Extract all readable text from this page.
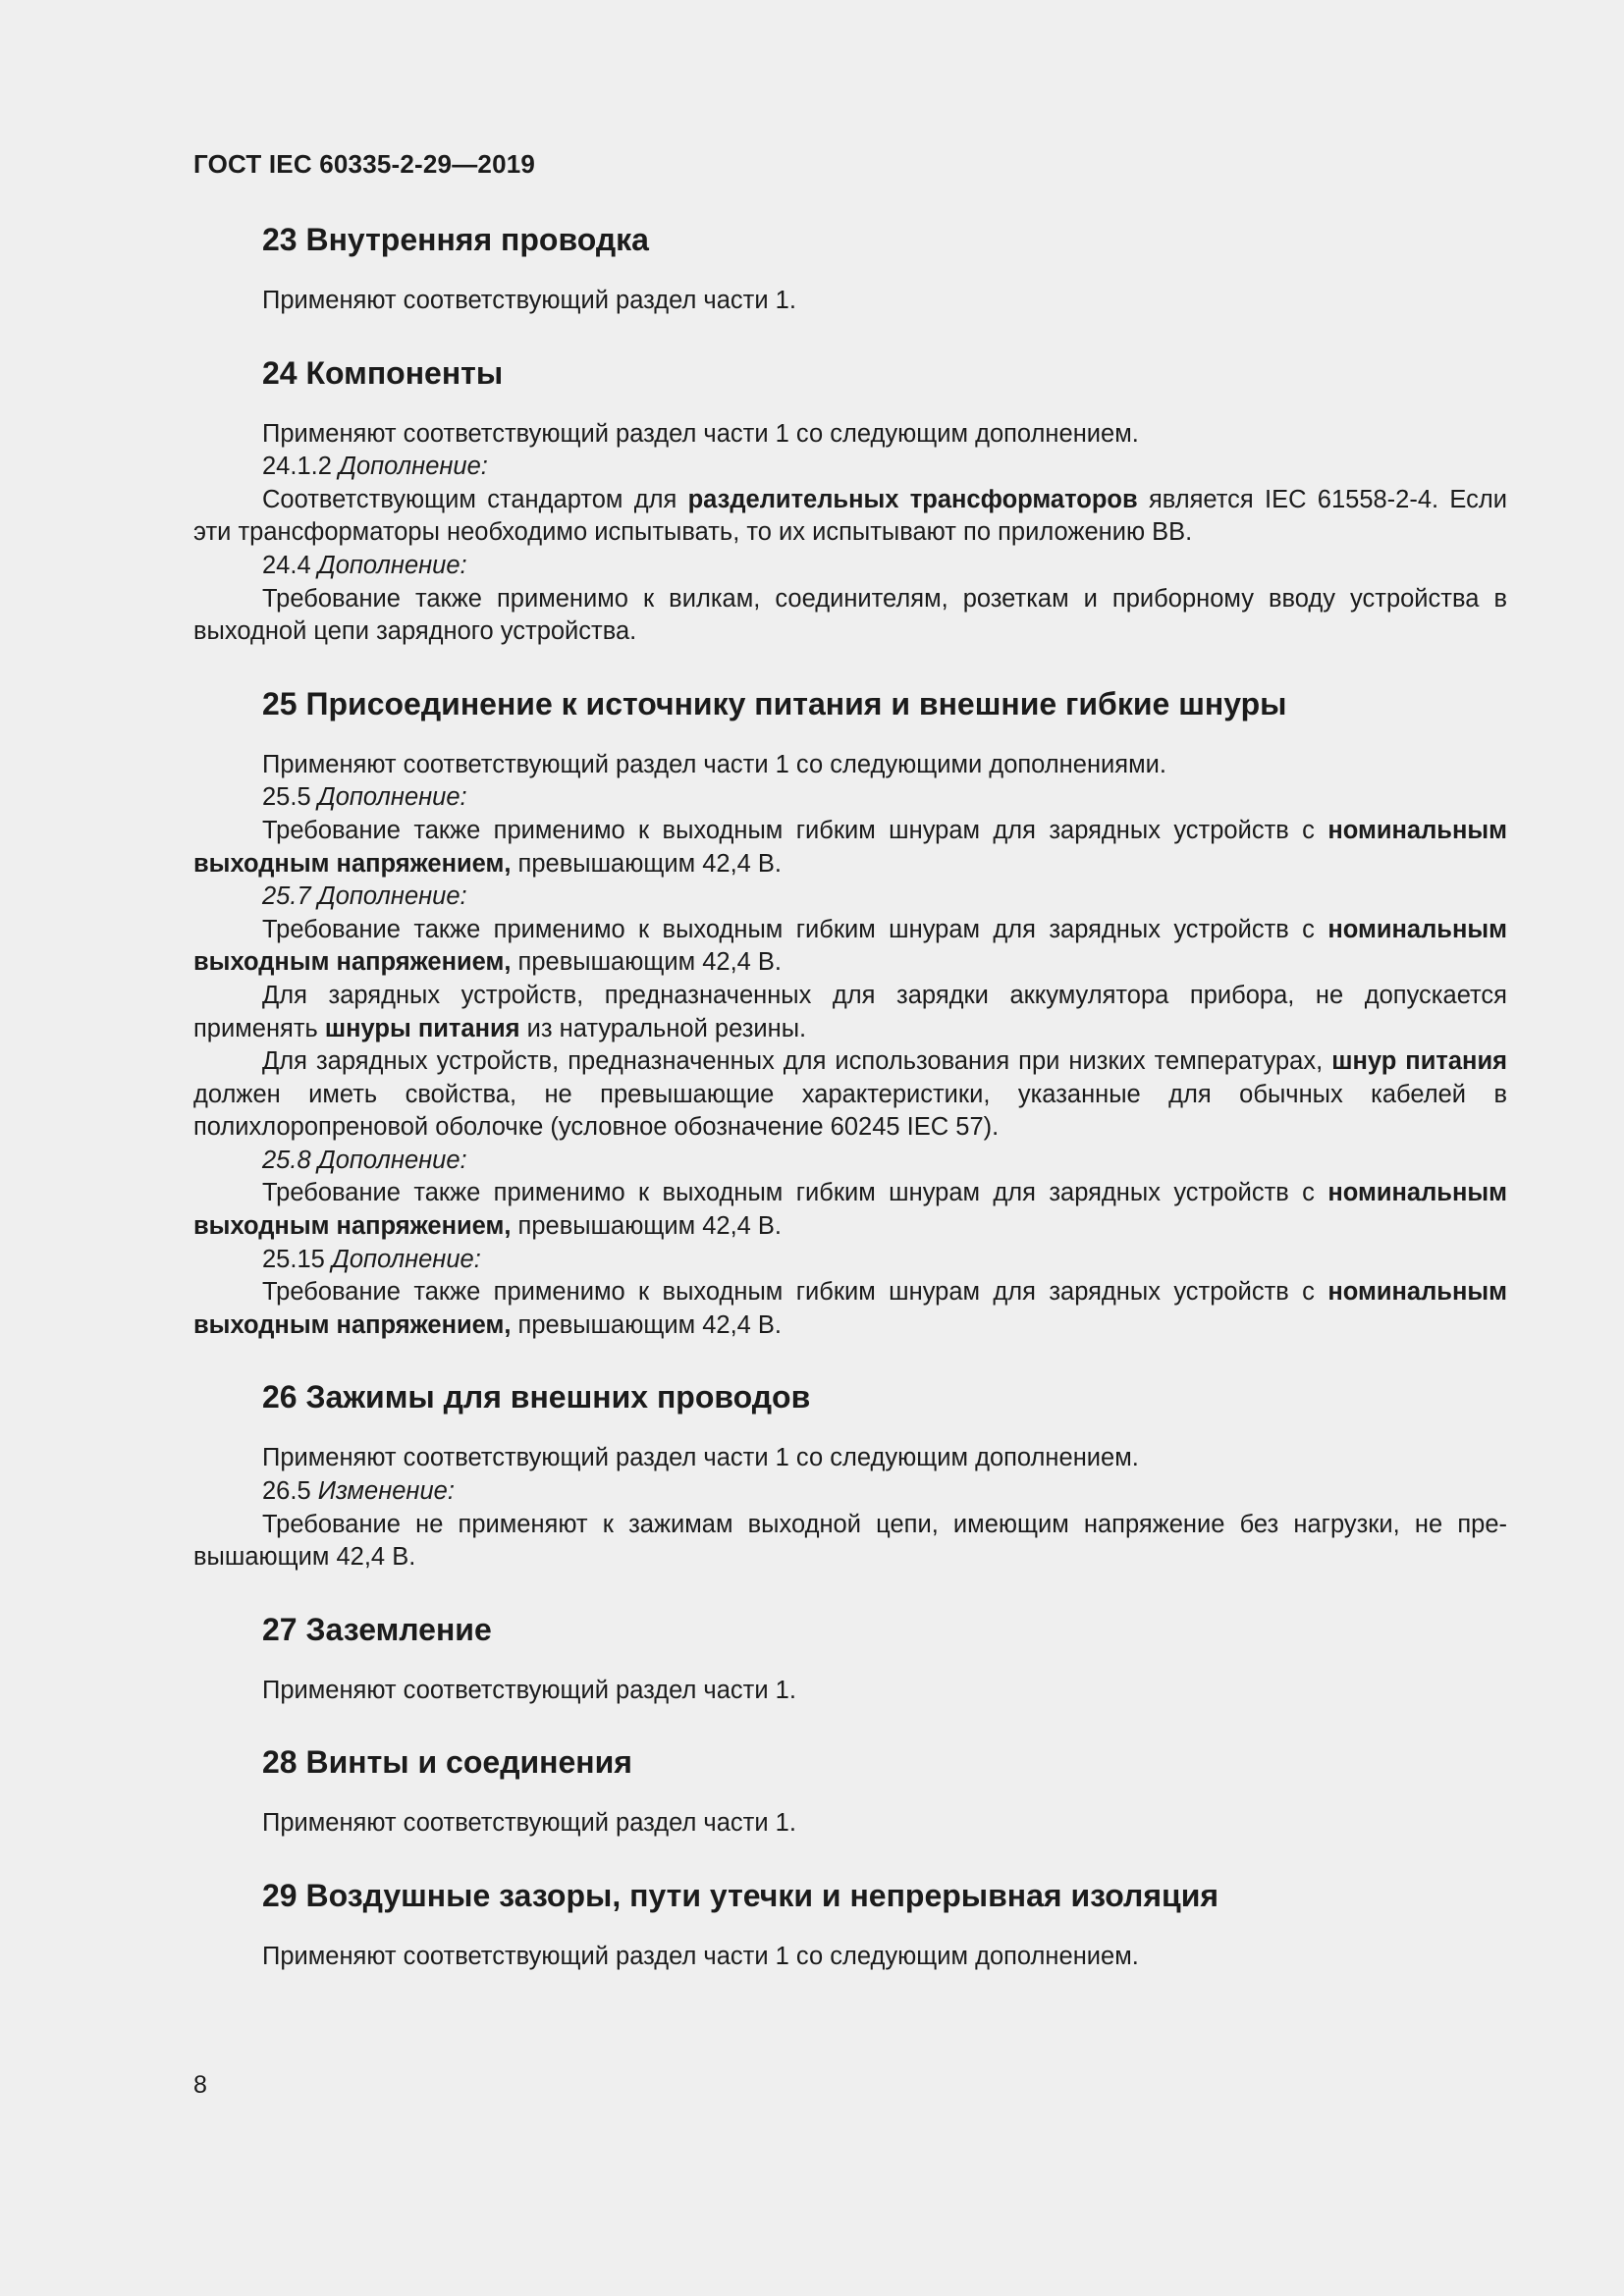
ГОСТ IEC 60335-2-29—2019
23 Внутренняя проводка

Применяют соответствующий раздел части 1.

24 Компоненты

Применяют соответствующий раздел части 1 со следующим дополнением.

24.1.2 Дополнение:

Соответствующим стандартом для разделительных трансформаторов является IEC 61558-2-4. Если эти трансформаторы необходимо испытывать, то их испытывают по приложению ВВ.

24.4 Дополнение:

Требование также применимо к вилкам, соединителям, розеткам и приборному вводу устройства в выходной цепи зарядного устройства.

25 Присоединение к источнику питания и внешние гибкие шнуры

Применяют соответствующий раздел части 1 со следующими дополнениями.

25.5 Дополнение:

Требование также применимо к выходным гибким шнурам для зарядных устройств с номинальным выходным напряжением, превышающим 42,4 В.

25.7 Дополнение:

Требование также применимо к выходным гибким шнурам для зарядных устройств с номинальным выходным напряжением, превышающим 42,4 В.

Для зарядных устройств, предназначенных для зарядки аккумулятора прибора, не допускается применять шнуры питания из натуральной резины.

Для зарядных устройств, предназначенных для использования при низких температурах, шнур питания должен иметь свойства, не превышающие характеристики, указанные для обычных кабелей в полихлоропреновой оболочке (условное обозначение 60245 IEC 57).

25.8 Дополнение:

Требование также применимо к выходным гибким шнурам для зарядных устройств с номинальным выходным напряжением, превышающим 42,4 В.

25.15 Дополнение:

Требование также применимо к выходным гибким шнурам для зарядных устройств с номинальным выходным напряжением, превышающим 42,4 В.

26 Зажимы для внешних проводов

Применяют соответствующий раздел части 1 со следующим дополнением.

26.5 Изменение:

Требование не применяют к зажимам выходной цепи, имеющим напряжение без нагрузки, не превышающим 42,4 В.

27 Заземление

Применяют соответствующий раздел части 1.

28 Винты и соединения

Применяют соответствующий раздел части 1.

29 Воздушные зазоры, пути утечки и непрерывная изоляция

Применяют соответствующий раздел части 1 со следующим дополнением.

8
